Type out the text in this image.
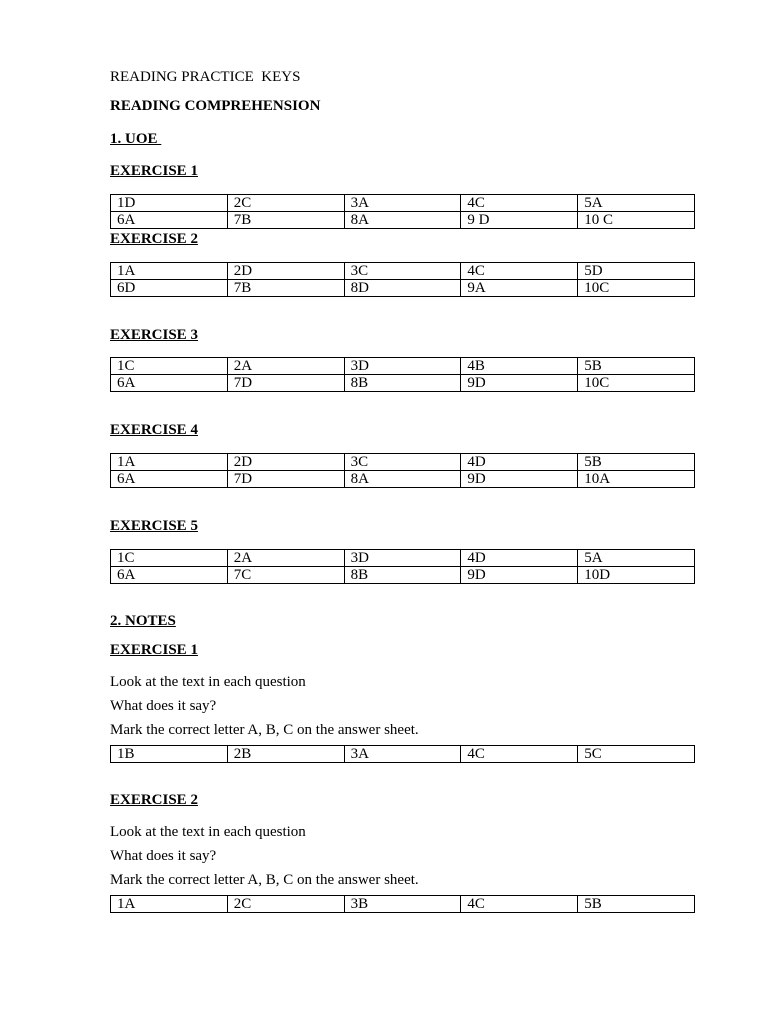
READING PRACTICE  KEYS
READING COMPREHENSION
1. UOE
EXERCISE 1
1D	2C	3A	4C	5A
6A	7B	8A	9 D	10 C
EXERCISE 2
1A	2D	3C	4C	5D
6D	7B	8D	9A	10C
EXERCISE 3
1C	2A	3D	4B	5B
6A	7D	8B	9D	10C
EXERCISE 4
1A	2D	3C	4D	5B
6A	7D	8A	9D	10A
EXERCISE 5
1C	2A	3D	4D	5A
6A	7C	8B	9D	10D
2. NOTES
EXERCISE 1
Look at the text in each question
What does it say?
Mark the correct letter A, B, C on the answer sheet.
1B	2B	3A	4C	5C
EXERCISE 2
Look at the text in each question
What does it say?
Mark the correct letter A, B, C on the answer sheet.
1A	2C	3B	4C	5B
